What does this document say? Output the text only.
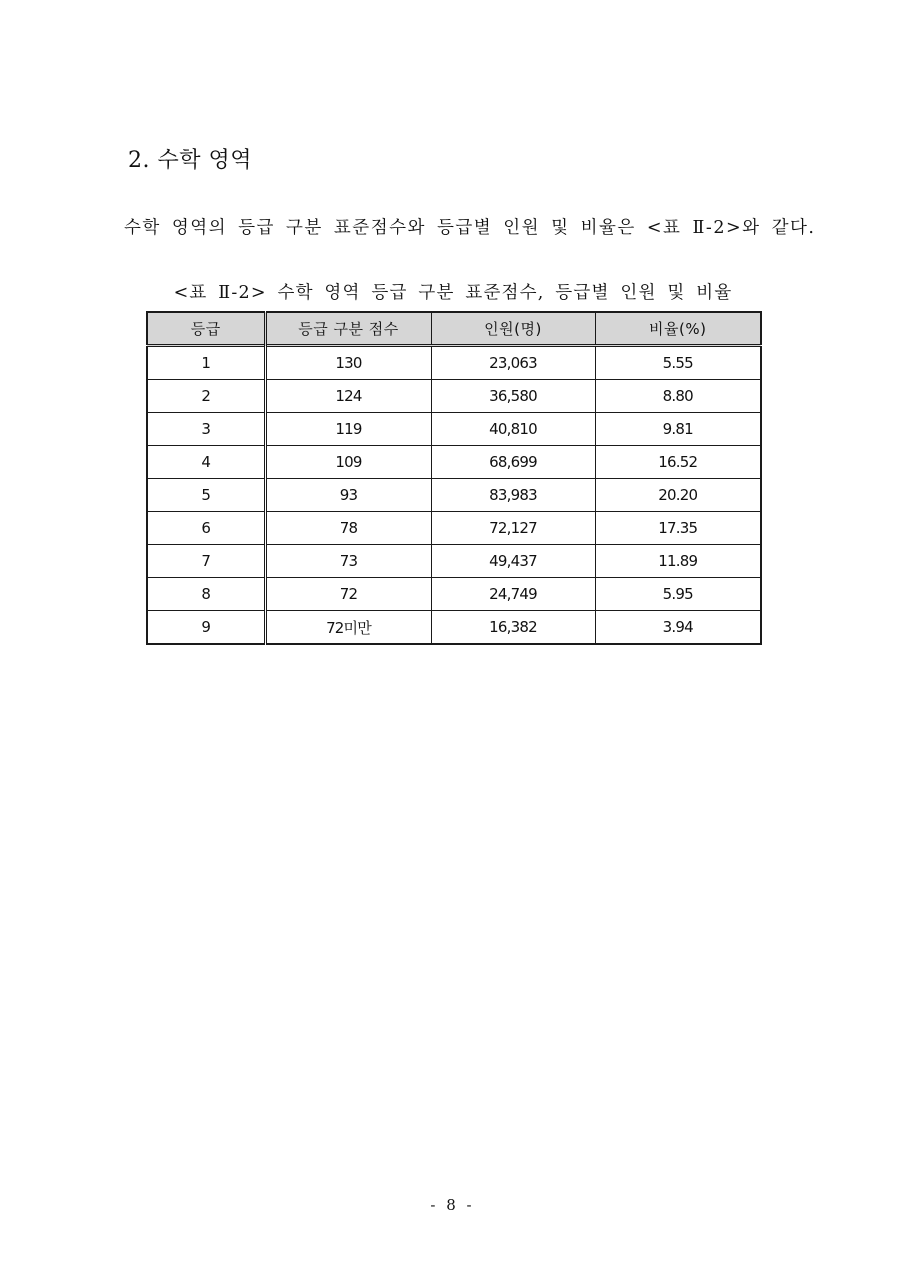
2. 수학 영역

수학 영역의 등급 구분 표준점수와 등급별 인원 및 비율은 <표 Ⅱ-2>와 같다.

<표 Ⅱ-2> 수학 영역 등급 구분 표준점수, 등급별 인원 및 비율

등급	등급 구분 점수	인원(명)	비율(%)
1	130	23,063	5.55
2	124	36,580	8.80
3	119	40,810	9.81
4	109	68,699	16.52
5	93	83,983	20.20
6	78	72,127	17.35
7	73	49,437	11.89
8	72	24,749	5.95
9	72미만	16,382	3.94

- 8 -
